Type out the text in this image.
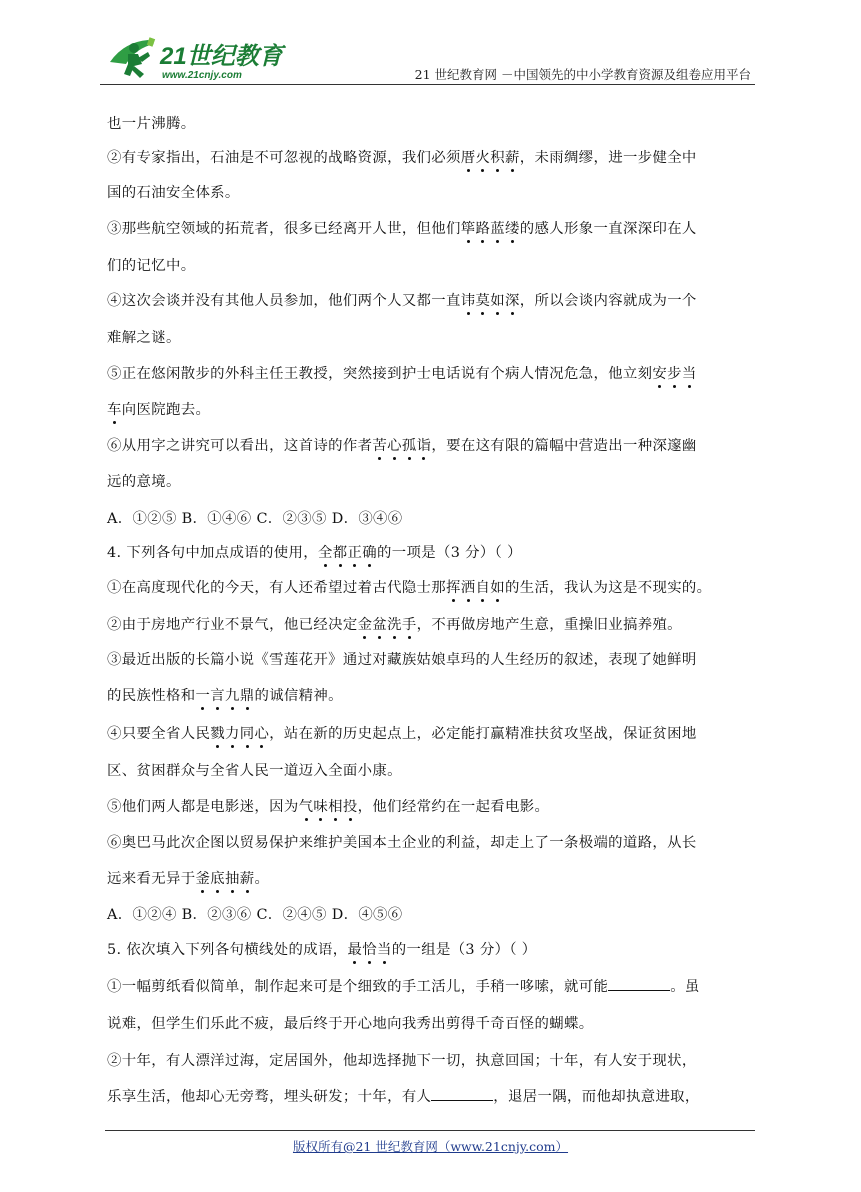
21世纪教育
www.21cnjy.com	21 世纪教育网 －中国领先的中小学教育资源及组卷应用平台
也一片沸腾。
②有专家指出，石油是不可忽视的战略资源，我们必须厝火积薪，未雨绸缪，进一步健全中
国的石油安全体系。
③那些航空领域的拓荒者，很多已经离开人世，但他们筚路蓝缕的感人形象一直深深印在人
们的记忆中。
④这次会谈并没有其他人员参加，他们两个人又都一直讳莫如深，所以会谈内容就成为一个
难解之谜。
⑤正在悠闲散步的外科主任王教授，突然接到护士电话说有个病人情况危急，他立刻安步当
车向医院跑去。
⑥从用字之讲究可以看出，这首诗的作者苦心孤诣，要在这有限的篇幅中营造出一种深邃幽
远的意境。
A．①②⑤ B．①④⑥ C．②③⑤ D．③④⑥
4. 下列各句中加点成语的使用，全都正确的一项是（3 分）（ ）
①在高度现代化的今天，有人还希望过着古代隐士那挥洒自如的生活，我认为这是不现实的。
②由于房地产行业不景气，他已经决定金盆洗手，不再做房地产生意，重操旧业搞养殖。
③最近出版的长篇小说《雪莲花开》通过对藏族姑娘卓玛的人生经历的叙述，表现了她鲜明
的民族性格和一言九鼎的诚信精神。
④只要全省人民戮力同心，站在新的历史起点上，必定能打赢精准扶贫攻坚战，保证贫困地
区、贫困群众与全省人民一道迈入全面小康。
⑤他们两人都是电影迷，因为气味相投，他们经常约在一起看电影。
⑥奥巴马此次企图以贸易保护来维护美国本土企业的利益，却走上了一条极端的道路，从长
远来看无异于釜底抽薪。
A．①②④ B．②③⑥ C．②④⑤ D．④⑤⑥
5. 依次填入下列各句横线处的成语，最恰当的一组是（3 分）（ ）
①一幅剪纸看似简单，制作起来可是个细致的手工活儿，手稍一哆嗦，就可能	。虽
说难，但学生们乐此不疲，最后终于开心地向我秀出剪得千奇百怪的蝴蝶。
②十年，有人漂洋过海，定居国外，他却选择抛下一切，执意回国；十年，有人安于现状，
乐享生活，他却心无旁骛，埋头研发；十年，有人	，退居一隅，而他却执意进取，
版权所有@21 世纪教育网（www.21cnjy.com）
